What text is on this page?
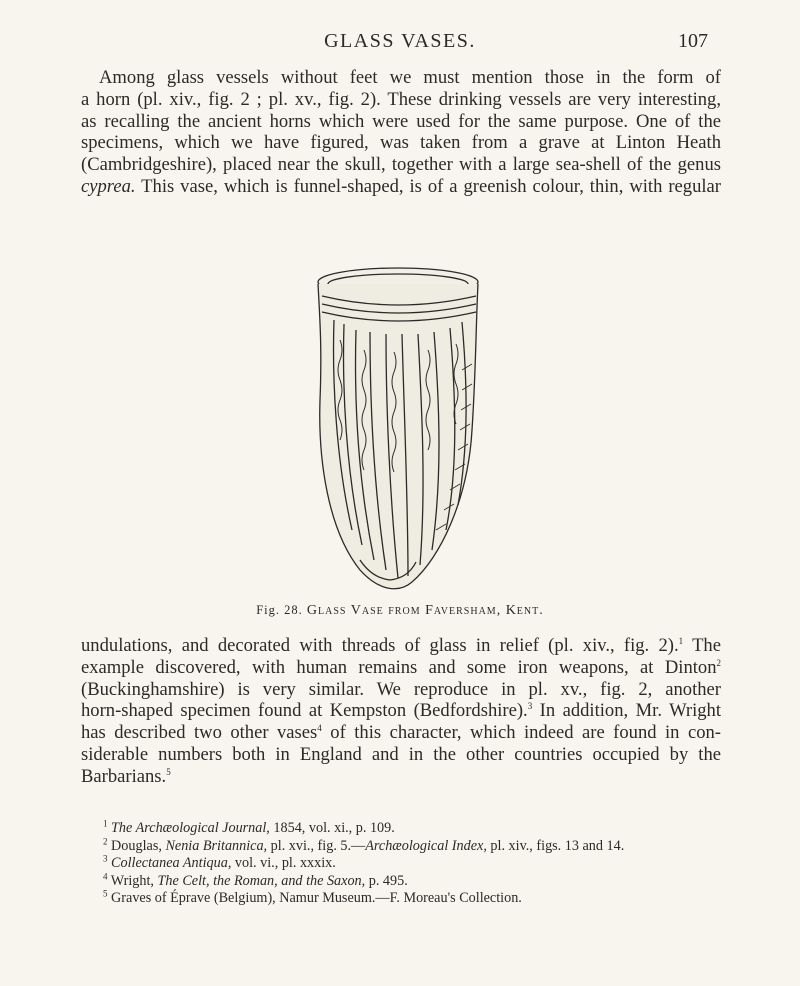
GLASS VASES.	107

Among glass vessels without feet we must mention those in the form of
a horn (pl. xiv., fig. 2 ; pl. xv., fig. 2). These drinking vessels are very interesting,
as recalling the ancient horns which were used for the same purpose. One of the
specimens, which we have figured, was taken from a grave at Linton Heath
(Cambridgeshire), placed near the skull, together with a large sea-shell of the genus
cyprea. This vase, which is funnel-shaped, is of a greenish colour, thin, with regular

Fig. 28. Glass Vase from Faversham, Kent.

undulations, and decorated with threads of glass in relief (pl. xiv., fig. 2).$^1$ The
example discovered, with human remains and some iron weapons, at Dinton$^2$
(Buckinghamshire) is very similar. We reproduce in pl. xv., fig. 2, another
horn-shaped specimen found at Kempston (Bedfordshire).$^3$ In addition, Mr. Wright
has described two other vases$^4$ of this character, which indeed are found in con-
siderable numbers both in England and in the other countries occupied by the
Barbarians.$^5$

$^1$ The Archæological Journal, 1854, vol. xi., p. 109.
$^2$ Douglas, Nenia Britannica, pl. xvi., fig. 5.—Archæological Index, pl. xiv., figs. 13 and 14.
$^3$ Collectanea Antiqua, vol. vi., pl. xxxix.
$^4$ Wright, The Celt, the Roman, and the Saxon, p. 495.
$^5$ Graves of Éprave (Belgium), Namur Museum.—F. Moreau's Collection.
